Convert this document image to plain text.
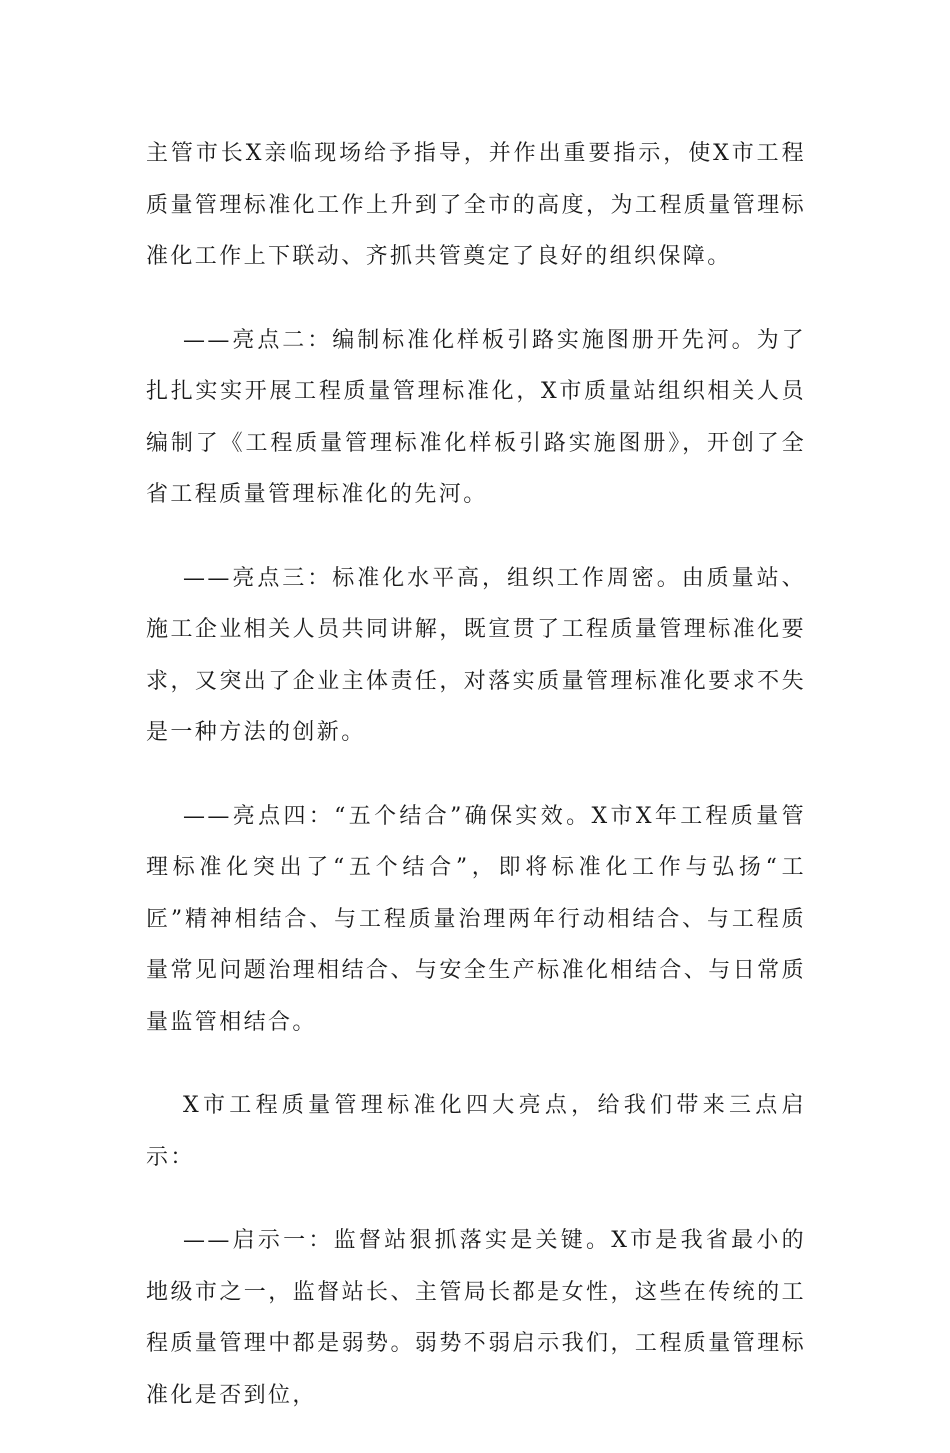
主管市长X亲临现场给予指导，并作出重要指示，使X市工程质量管理标准化工作上升到了全市的高度，为工程质量管理标准化工作上下联动、齐抓共管奠定了良好的组织保障。

——亮点二：编制标准化样板引路实施图册开先河。为了扎扎实实开展工程质量管理标准化，X市质量站组织相关人员编制了《工程质量管理标准化样板引路实施图册》，开创了全省工程质量管理标准化的先河。

——亮点三：标准化水平高，组织工作周密。由质量站、施工企业相关人员共同讲解，既宣贯了工程质量管理标准化要求，又突出了企业主体责任，对落实质量管理标准化要求不失是一种方法的创新。

——亮点四：“五个结合”确保实效。X市X年工程质量管理标准化突出了“五个结合”，即将标准化工作与弘扬“工匠”精神相结合、与工程质量治理两年行动相结合、与工程质量常见问题治理相结合、与安全生产标准化相结合、与日常质量监管相结合。

X市工程质量管理标准化四大亮点，给我们带来三点启示：

——启示一：监督站狠抓落实是关键。X市是我省最小的地级市之一，监督站长、主管局长都是女性，这些在传统的工程质量管理中都是弱势。弱势不弱启示我们，工程质量管理标准化是否到位，
